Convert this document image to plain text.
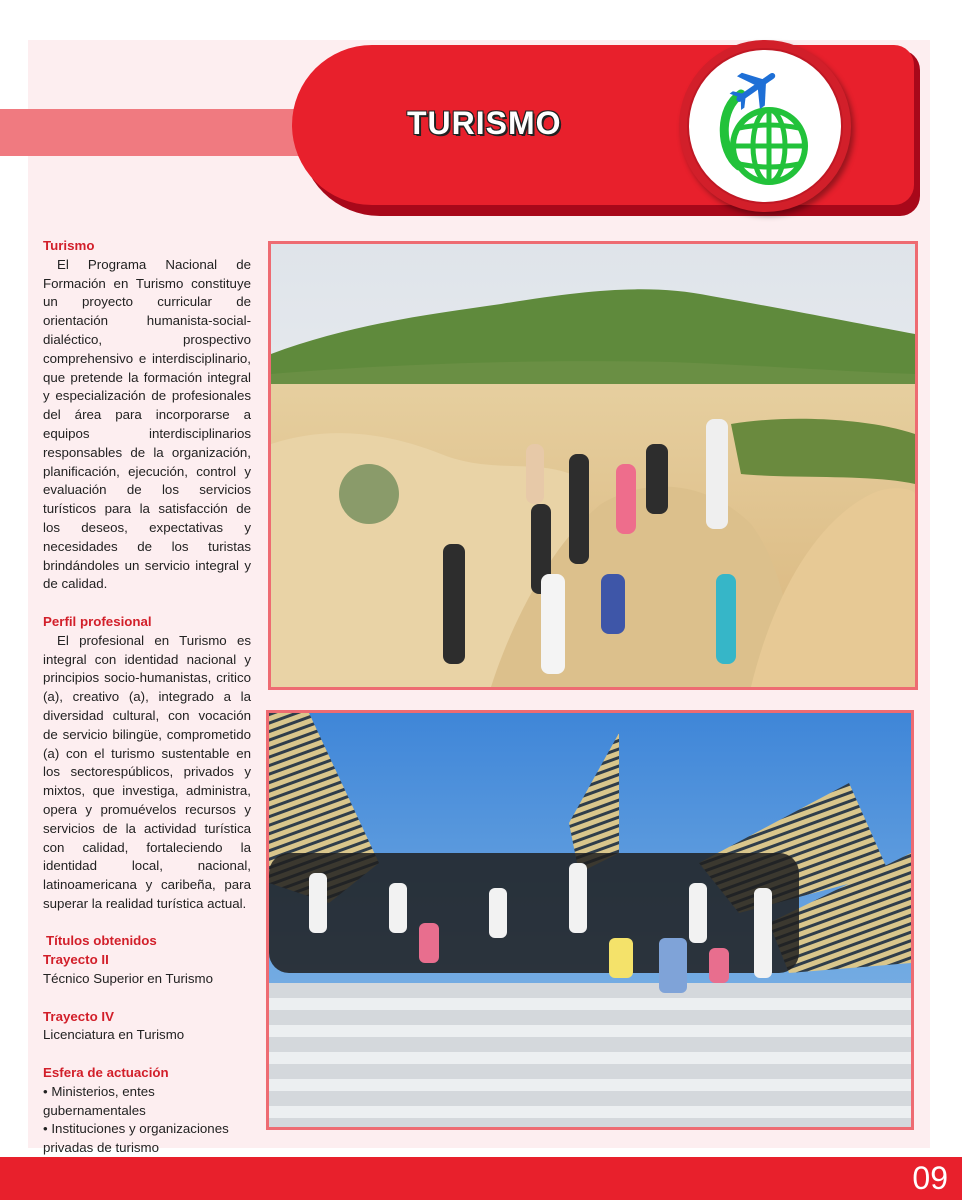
TURISMO
Turismo

El Programa Nacional de Formación en Turismo constituye un proyecto curricular de orientación humanista-social-dialéctico, prospectivo comprehensivo e interdisciplinario, que pretende la formación integral y especialización de profesionales del área para incorporarse a equipos interdisciplinarios responsables de la organización, planificación, ejecución, control y evaluación de los servicios turísticos para la satisfacción de los deseos, expectativas y necesidades de los turistas brindándoles un servicio integral y de calidad.

Perfil profesional

El profesional en Turismo es integral con identidad nacional y principios socio-humanistas, critico (a), creativo (a), integrado a la diversidad cultural, con vocación de servicio bilingüe, comprometido (a) con el turismo sustentable en los sectorespúblicos, privados y mixtos, que investiga, administra, opera y promuévelos recursos y servicios de la actividad turística con calidad, fortaleciendo la identidad local, nacional, latinoamericana y caribeña, para superar la realidad turística actual.

Títulos obtenidos
Trayecto II
Técnico Superior en Turismo
Trayecto IV
Licenciatura en Turismo
Esfera de actuación
• Ministerios, entes gubernamentales
• Instituciones y organizaciones privadas de turismo
09
